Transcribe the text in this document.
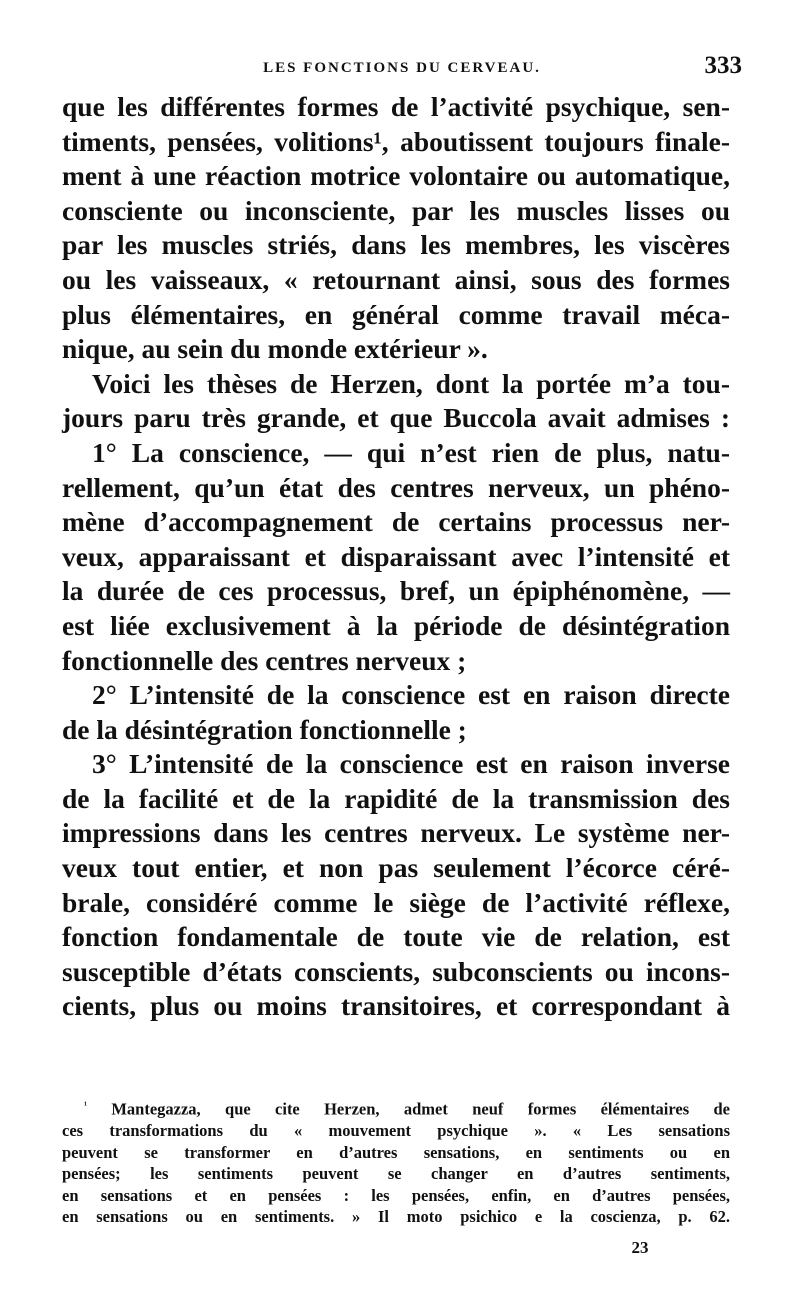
LES FONCTIONS DU CERVEAU.	333
que les différentes formes de l’activité psychique, sen-
timents, pensées, volitions¹, aboutissent toujours finale-
ment à une réaction motrice volontaire ou automatique,
consciente ou inconsciente, par les muscles lisses ou
par les muscles striés, dans les membres, les viscères
ou les vaisseaux, « retournant ainsi, sous des formes
plus élémentaires, en général comme travail méca-
nique, au sein du monde extérieur ».
Voici les thèses de Herzen, dont la portée m’a tou-
jours paru très grande, et que Buccola avait admises :
1° La conscience, — qui n’est rien de plus, natu-
rellement, qu’un état des centres nerveux, un phéno-
mène d’accompagnement de certains processus ner-
veux, apparaissant et disparaissant avec l’intensité et
la durée de ces processus, bref, un épiphénomène, —
est liée exclusivement à la période de désintégration
fonctionnelle des centres nerveux ;
2° L’intensité de la conscience est en raison directe
de la désintégration fonctionnelle ;
3° L’intensité de la conscience est en raison inverse
de la facilité et de la rapidité de la transmission des
impressions dans les centres nerveux. Le système ner-
veux tout entier, et non pas seulement l’écorce céré-
brale, considéré comme le siège de l’activité réflexe,
fonction fondamentale de toute vie de relation, est
susceptible d’états conscients, subconscients ou incons-
cients, plus ou moins transitoires, et correspondant à
$^{^1}$ Mantegazza, que cite Herzen, admet neuf formes élémentaires de
ces transformations du « mouvement psychique ». « Les sensations
peuvent se transformer en d’autres sensations, en sentiments ou en
pensées; les sentiments peuvent se changer en d’autres sentiments,
en sensations et en pensées : les pensées, enfin, en d’autres pensées,
en sensations ou en sentiments. » Il moto psichico e la coscienza, p. 62.
23
